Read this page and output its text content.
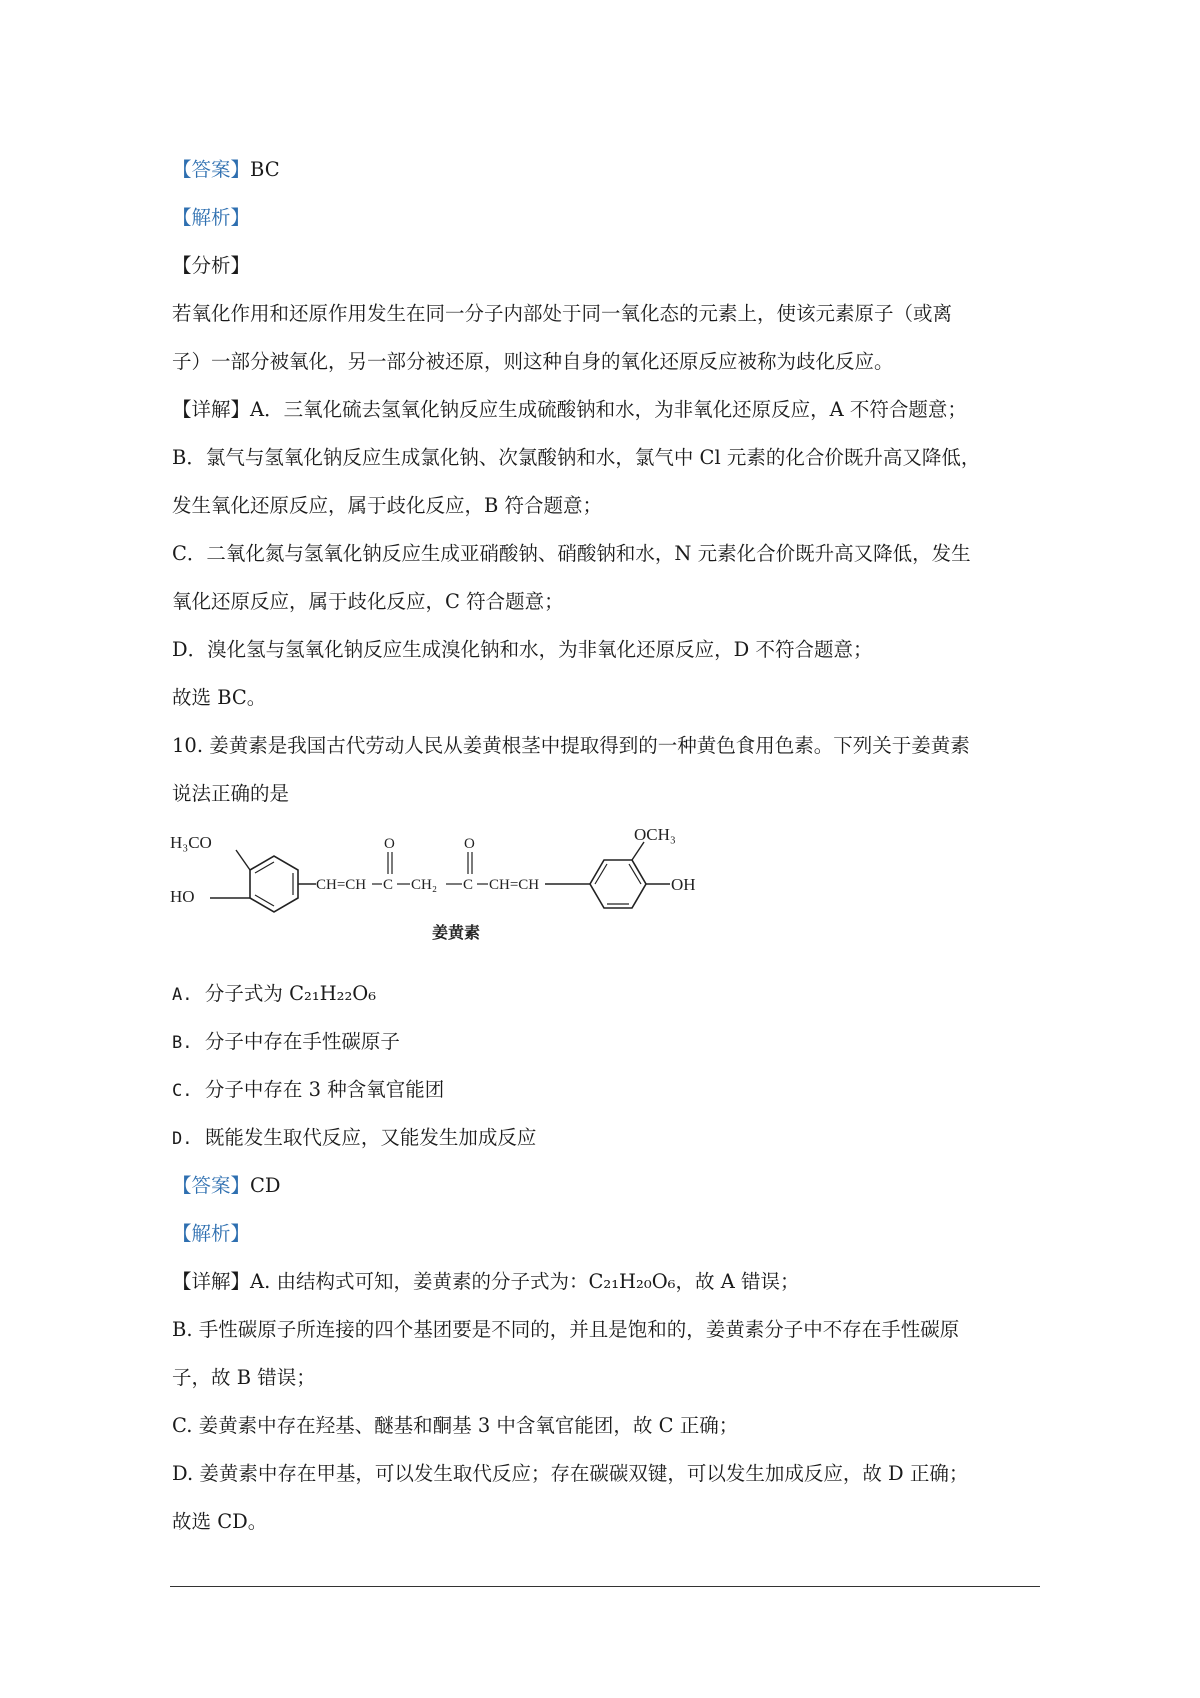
【答案】BC
【解析】
【分析】
若氧化作用和还原作用发生在同一分子内部处于同一氧化态的元素上，使该元素原子（或离
子）一部分被氧化，另一部分被还原，则这种自身的氧化还原反应被称为歧化反应。
【详解】A．三氧化硫去氢氧化钠反应生成硫酸钠和水，为非氧化还原反应，A 不符合题意；
B．氯气与氢氧化钠反应生成氯化钠、次氯酸钠和水，氯气中 Cl 元素的化合价既升高又降低，
发生氧化还原反应，属于歧化反应，B 符合题意；
C．二氧化氮与氢氧化钠反应生成亚硝酸钠、硝酸钠和水，N 元素化合价既升高又降低，发生
氧化还原反应，属于歧化反应，C 符合题意；
D．溴化氢与氢氧化钠反应生成溴化钠和水，为非氧化还原反应，D 不符合题意；
故选 BC。
10. 姜黄素是我国古代劳动人民从姜黄根茎中提取得到的一种黄色食用色素。下列关于姜黄素
说法正确的是
H₃CO
HO
CH=CH C
O
CH₂ C
O
CH=CH
OCH₃
OH
姜黄素
A. 分子式为 C₂₁H₂₂O₆
B. 分子中存在手性碳原子
C. 分子中存在 3 种含氧官能团
D. 既能发生取代反应，又能发生加成反应
【答案】CD
【解析】
【详解】A. 由结构式可知，姜黄素的分子式为：C₂₁H₂₀O₆，故 A 错误；
B. 手性碳原子所连接的四个基团要是不同的，并且是饱和的，姜黄素分子中不存在手性碳原
子，故 B 错误；
C. 姜黄素中存在羟基、醚基和酮基 3 中含氧官能团，故 C 正确；
D. 姜黄素中存在甲基，可以发生取代反应；存在碳碳双键，可以发生加成反应，故 D 正确；
故选 CD。
